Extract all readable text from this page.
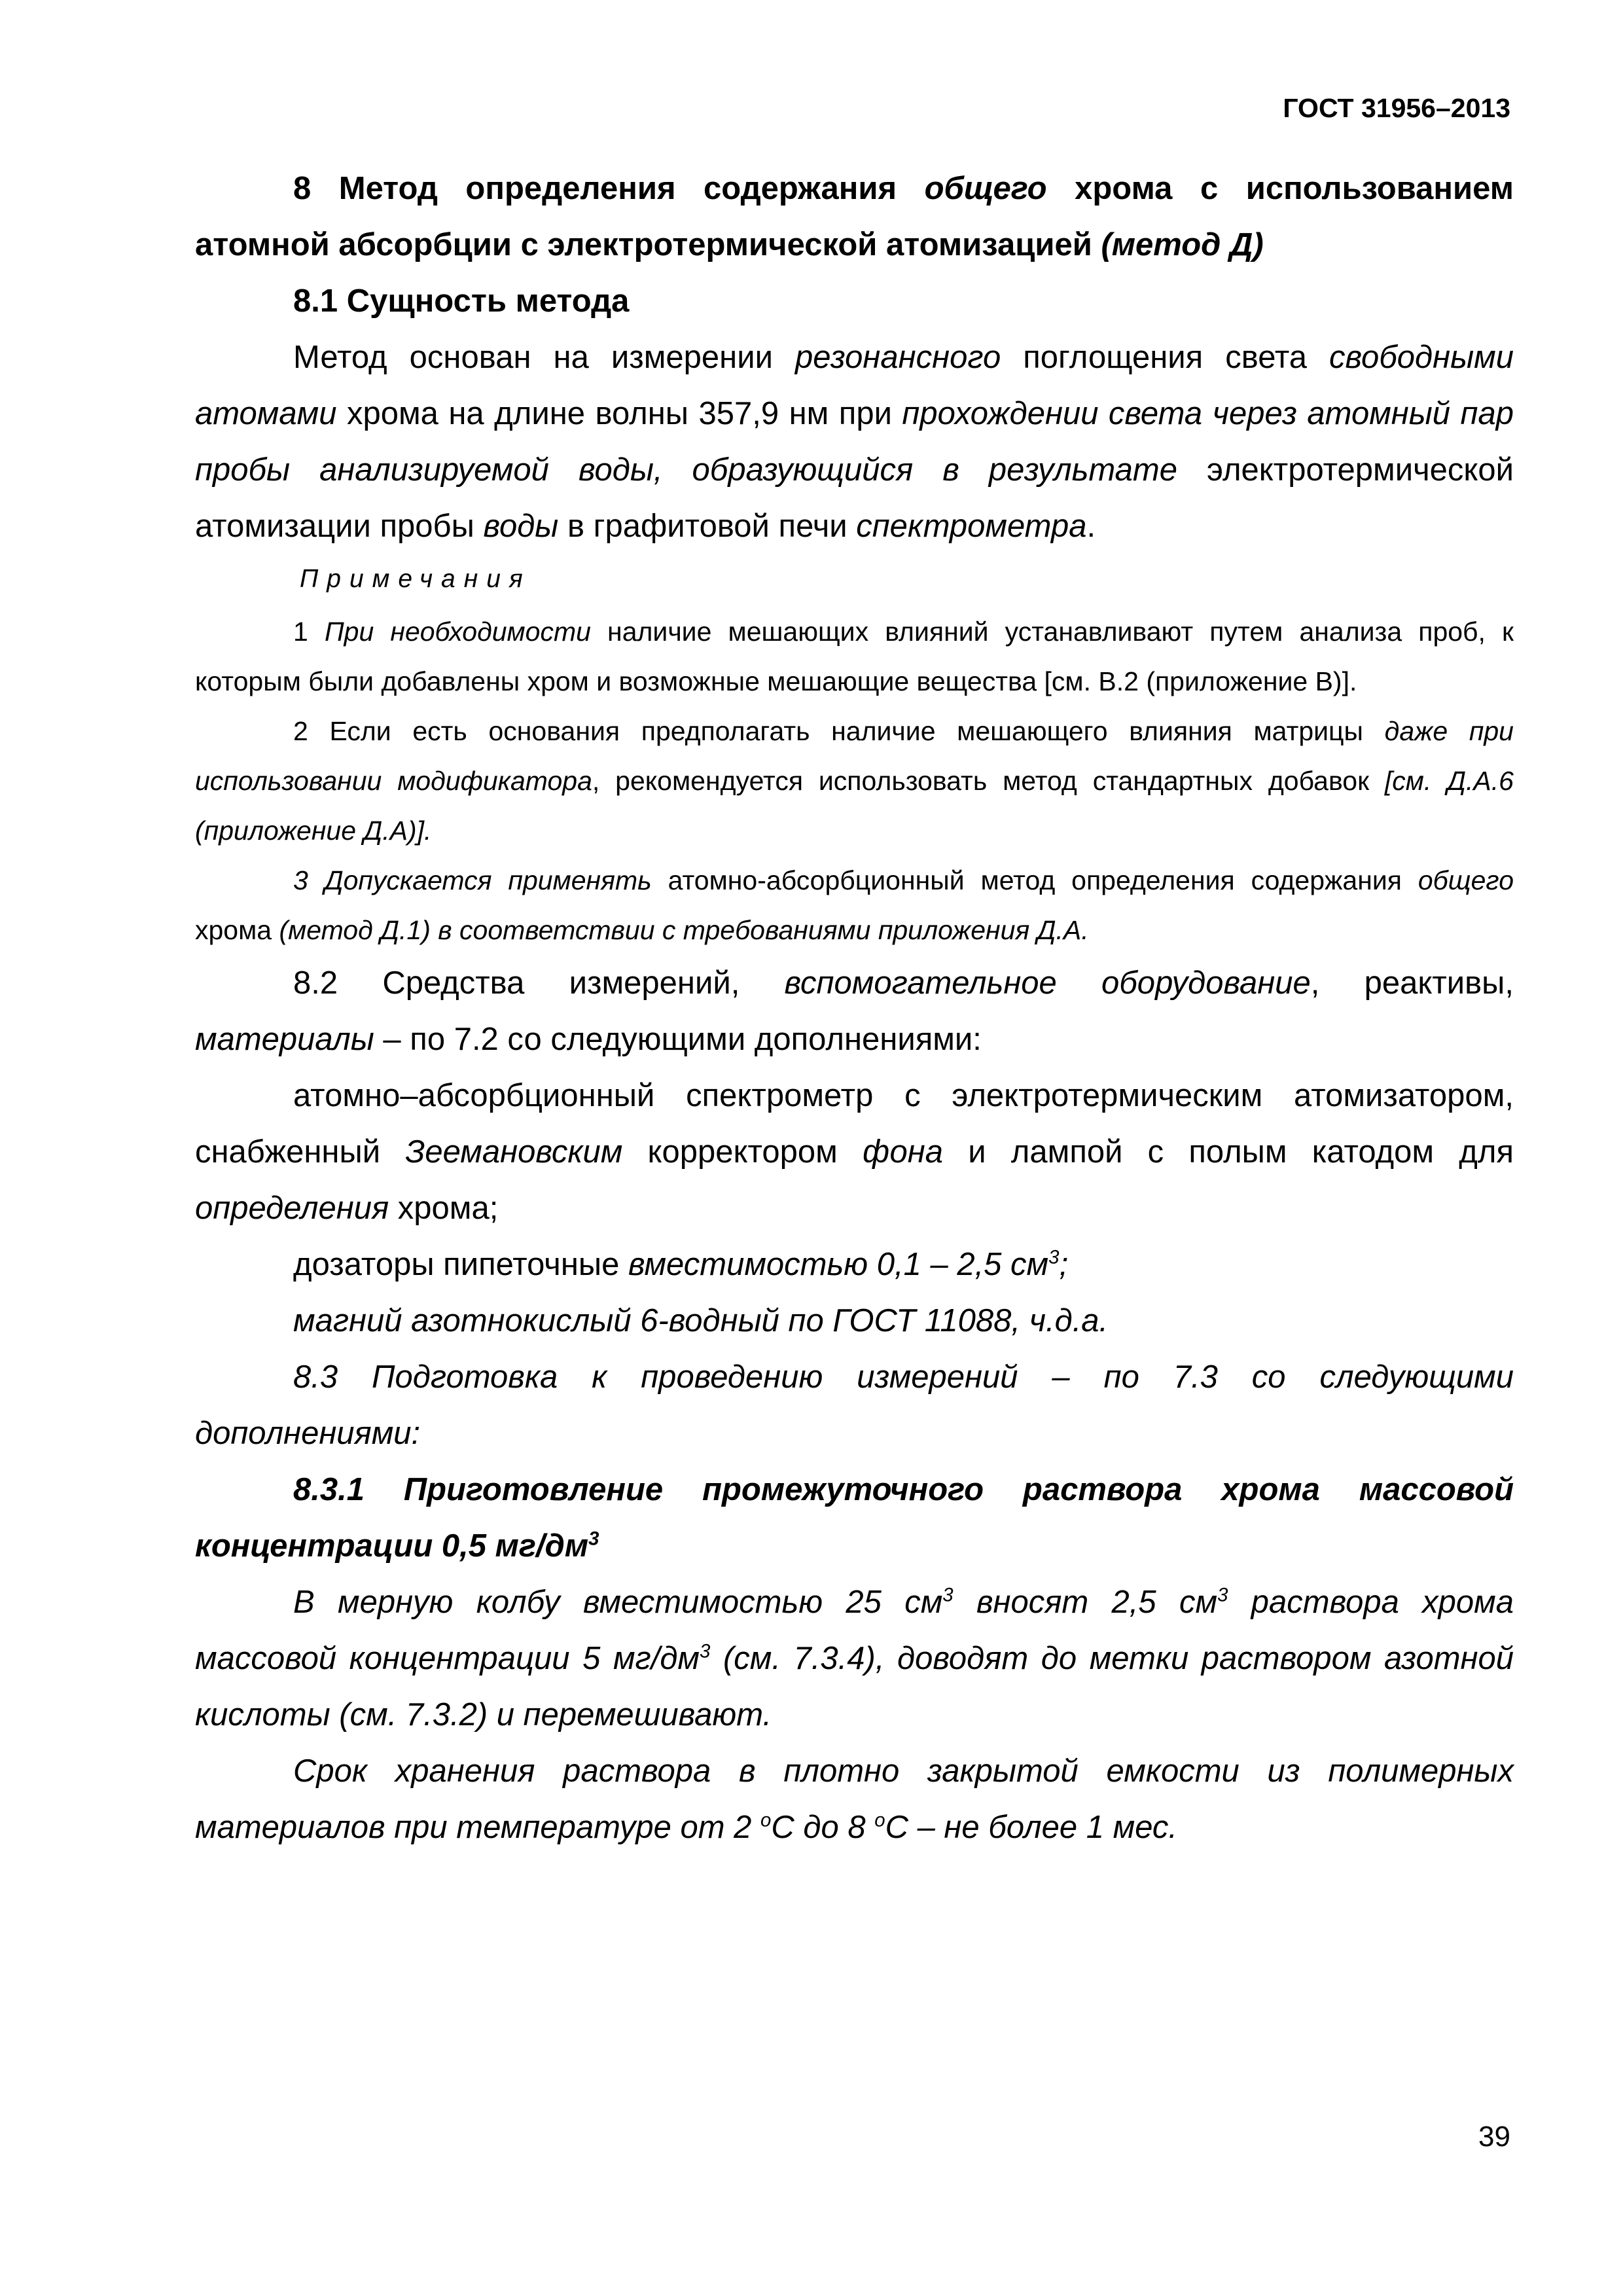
ГОСТ 31956–2013

8 Метод определения содержания общего хрома с использованием атомной абсорбции с электротермической атомизацией (метод Д)

8.1 Сущность метода

Метод основан на измерении резонансного поглощения света свободными атомами хрома на длине волны 357,9 нм при прохождении света через атомный пар пробы анализируемой воды, образующийся в результате электротермической атомизации пробы воды в графитовой печи спектрометра.

Примечания

1 При необходимости наличие мешающих влияний устанавливают путем анализа проб, к которым были добавлены хром и возможные мешающие вещества [см. В.2 (приложение В)].

2 Если есть основания предполагать наличие мешающего влияния матрицы даже при использовании модификатора, рекомендуется использовать метод стандартных добавок [см. Д.А.6 (приложение Д.А)].

3 Допускается применять атомно-абсорбционный метод определения содержания общего хрома (метод Д.1) в соответствии с требованиями приложения Д.А.

8.2 Средства измерений, вспомогательное оборудование, реактивы, материалы – по 7.2 со следующими дополнениями:

атомно–абсорбционный спектрометр с электротермическим атомизатором, снабженный Зеемановским корректором фона и лампой с полым катодом для определения хрома;

дозаторы пипеточные вместимостью 0,1 – 2,5 $см^3$;

магний азотнокислый 6-водный по ГОСТ 11088, ч.д.а.

8.3 Подготовка к проведению измерений – по 7.3 со следующими дополнениями:

8.3.1 Приготовление промежуточного раствора хрома массовой концентрации 0,5 $мг/дм^3$

В мерную колбу вместимостью 25 $см^3$ вносят 2,5 $см^3$ раствора хрома массовой концентрации 5 $мг/дм^3$ (см. 7.3.4), доводят до метки раствором азотной кислоты (см. 7.3.2) и перемешивают.

Срок хранения раствора в плотно закрытой емкости из полимерных материалов при температуре от 2 $^о$С до 8 $^о$С – не более 1 мес.

39
